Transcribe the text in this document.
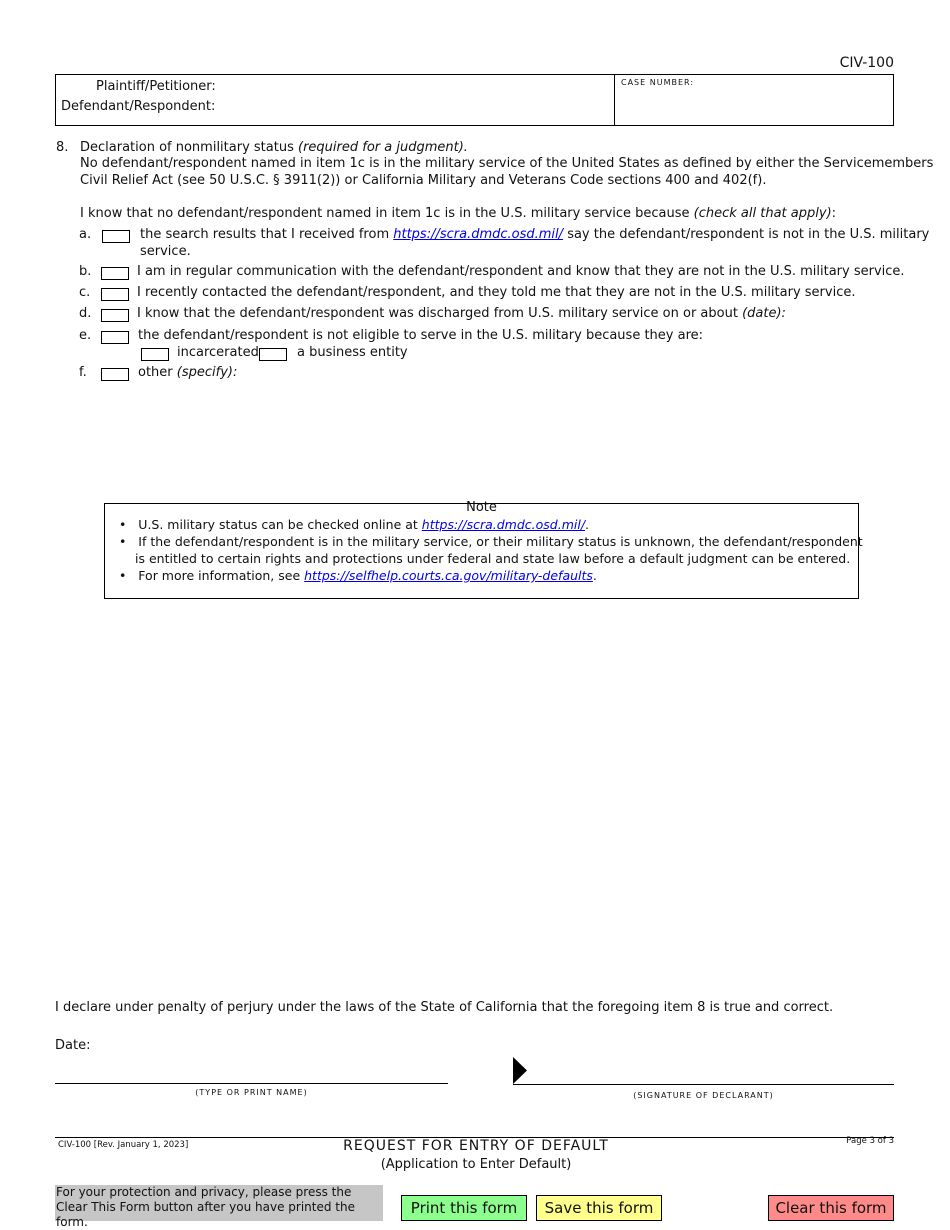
CIV-100
Plaintiff/Petitioner:
Defendant/Respondent:
CASE NUMBER:
8. Declaration of nonmilitary status (required for a judgment).
No defendant/respondent named in item 1c is in the military service of the United States as defined by either the Servicemembers
Civil Relief Act (see 50 U.S.C. § 3911(2)) or California Military and Veterans Code sections 400 and 402(f).
I know that no defendant/respondent named in item 1c is in the U.S. military service because (check all that apply):
a.	the search results that I received from https://scra.dmdc.osd.mil/ say the defendant/respondent is not in the U.S. military
service.
b.	I am in regular communication with the defendant/respondent and know that they are not in the U.S. military service.
c.	I recently contacted the defendant/respondent, and they told me that they are not in the U.S. military service.
d.	I know that the defendant/respondent was discharged from U.S. military service on or about (date):
e.	the defendant/respondent is not eligible to serve in the U.S. military because they are:
incarcerated	a business entity
f.	other (specify):
Note
• U.S. military status can be checked online at https://scra.dmdc.osd.mil/.
• If the defendant/respondent is in the military service, or their military status is unknown, the defendant/respondent
is entitled to certain rights and protections under federal and state law before a default judgment can be entered.
• For more information, see https://selfhelp.courts.ca.gov/military-defaults.
I declare under penalty of perjury under the laws of the State of California that the foregoing item 8 is true and correct.
Date:
(TYPE OR PRINT NAME)	(SIGNATURE OF DECLARANT)
CIV-100 [Rev. January 1, 2023]	Page 3 of 3
REQUEST FOR ENTRY OF DEFAULT
(Application to Enter Default)
For your protection and privacy, please press the Clear This Form button after you have printed the form.
Print this form	Save this form	Clear this form
